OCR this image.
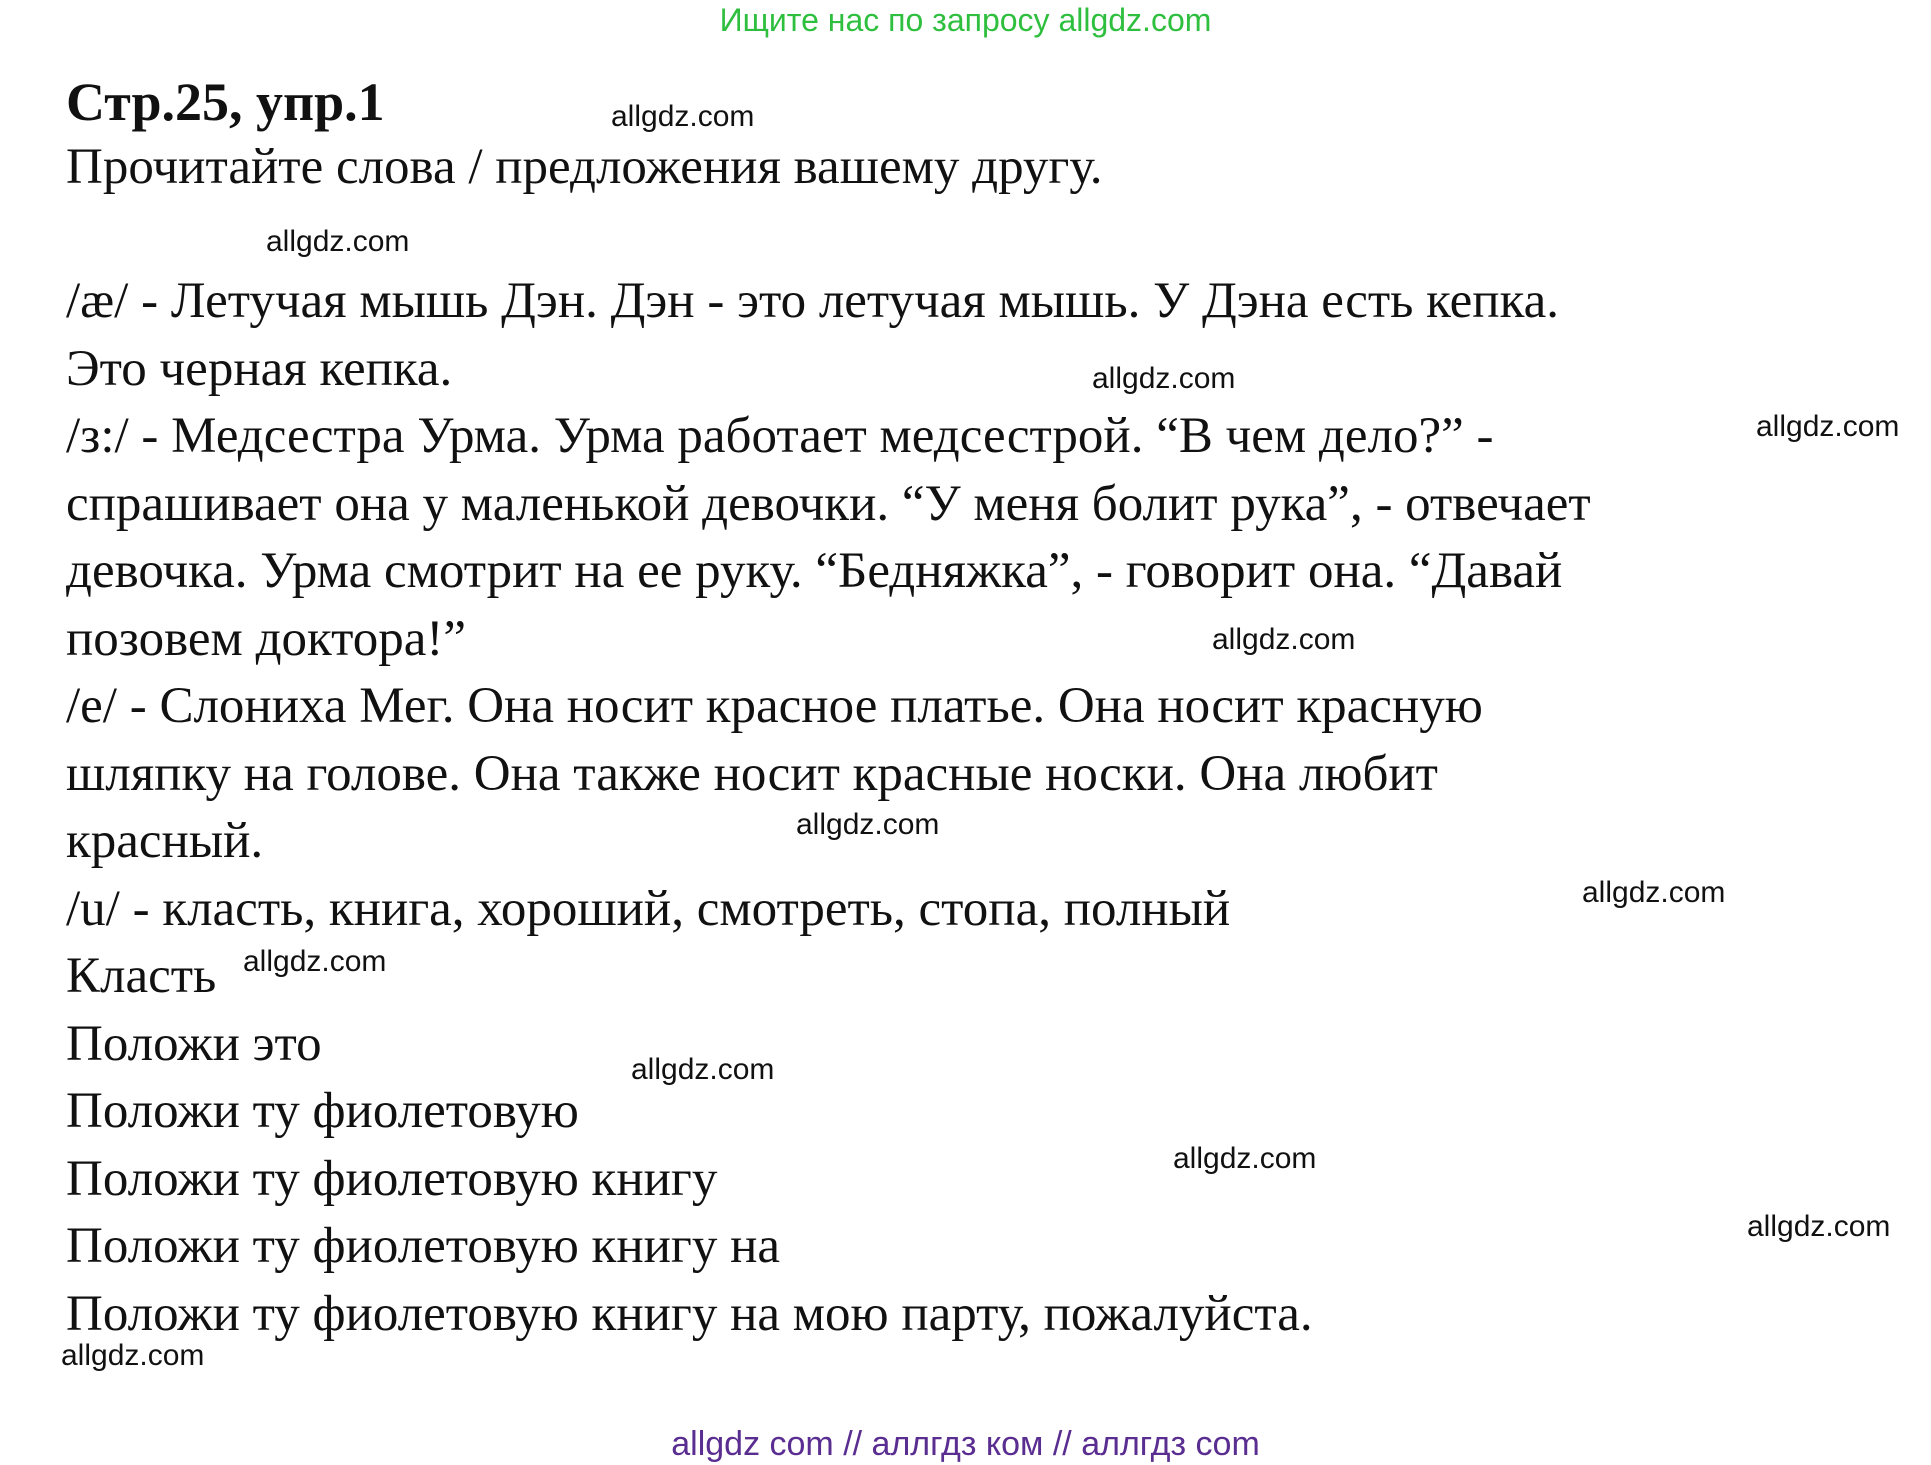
Ищите нас по запросу allgdz.com
Стр.25, упр.1

Прочитайте слова / предложения вашему другу.

/æ/ - Летучая мышь Дэн. Дэн - это летучая мышь. У Дэна есть кепка.

Это черная кепка.

/з:/ - Медсестра Урма. Урма работает медсестрой. “В чем дело?” -

спрашивает она у маленькой девочки. “У меня болит рука”, - отвечает

девочка. Урма смотрит на ее руку. “Бедняжка”, - говорит она. “Давай

позовем доктора!”

/e/ - Слониха Мег. Она носит красное платье. Она носит красную

шляпку на голове. Она также носит красные носки. Она любит

красный.

/u/ - класть, книга, хороший, смотреть, стопа, полный

Класть

Положи это

Положи ту фиолетовую

Положи ту фиолетовую книгу

Положи ту фиолетовую книгу на

Положи ту фиолетовую книгу на мою парту, пожалуйста.

allgdz.com
allgdz.com
allgdz.com
allgdz.com
allgdz.com
allgdz.com
allgdz.com
allgdz.com
allgdz.com
allgdz.com
allgdz.com
allgdz.com
allgdz com // аллгдз ком // аллгдз com
